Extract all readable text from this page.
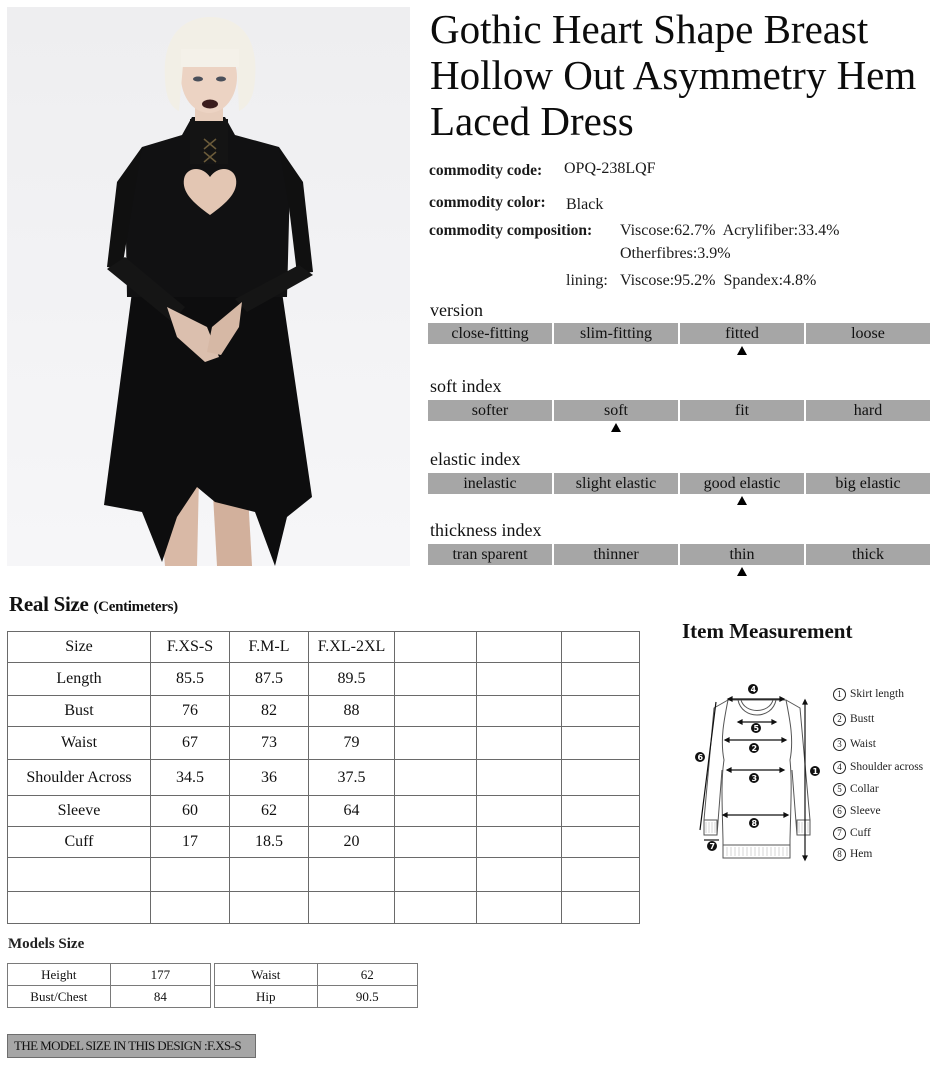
Gothic Heart Shape Breast Hollow Out Asymmetry Hem Laced Dress
commodity code: OPQ-238LQF
commodity color: Black
commodity composition: Viscose:62.7%  Acrylifiber:33.4%
Otherfibres:3.9%
lining: Viscose:95.2%  Spandex:4.8%
version
close-fitting	slim-fitting	fitted	loose
soft index
softer	soft	fit	hard
elastic index
inelastic	slight elastic	good elastic	big elastic
thickness index
tran sparent	thinner	thin	thick
Real Size (Centimeters)
Size	F.XS-S	F.M-L	F.XL-2XL			
Length	85.5	87.5	89.5			
Bust	76	82	88			
Waist	67	73	79			
Shoulder Across	34.5	36	37.5			
Sleeve	60	62	64			
Cuff	17	18.5	20			

Item Measurement
4
5
2
3
8
1
6
7
1 Skirt length
2 Bustt
3 Waist
4 Shoulder across
5 Collar
6 Sleeve
7 Cuff
8 Hem
Models Size
Height	177
Bust/Chest	84
Waist	62
Hip	90.5
THE MODEL SIZE IN THIS DESIGN :F.XS-S
